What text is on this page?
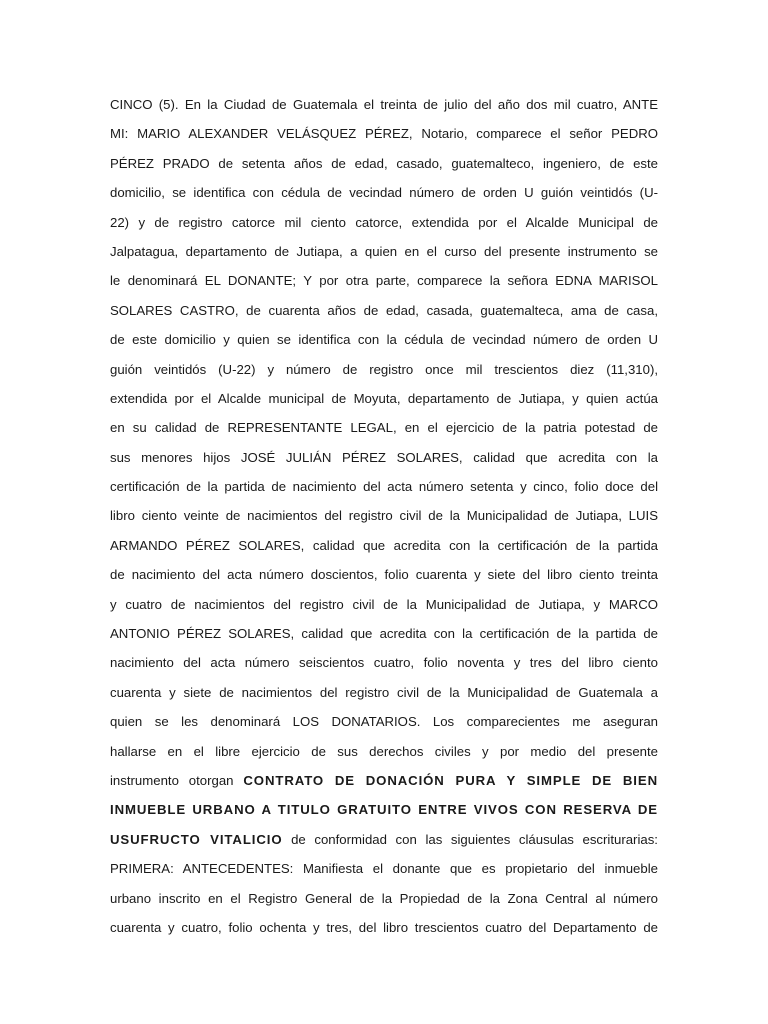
CINCO (5). En la Ciudad de Guatemala el treinta de julio del año dos mil cuatro, ANTE
MI: MARIO ALEXANDER VELÁSQUEZ PÉREZ, Notario, comparece el señor PEDRO
PÉREZ PRADO de setenta años de edad, casado, guatemalteco, ingeniero, de este
domicilio, se identifica con cédula de vecindad número de orden U guión veintidós (U-
22) y de registro catorce mil ciento catorce, extendida por el Alcalde Municipal de
Jalpatagua, departamento de Jutiapa, a quien en el curso del presente instrumento se
le denominará EL DONANTE; Y por otra parte, comparece la señora EDNA MARISOL
SOLARES CASTRO, de cuarenta años de edad, casada, guatemalteca, ama de casa,
de este domicilio y quien se identifica con la cédula de vecindad número de orden U
guión veintidós (U-22) y número de registro once mil trescientos diez (11,310),
extendida por el Alcalde municipal de Moyuta, departamento de Jutiapa, y quien actúa
en su calidad de REPRESENTANTE LEGAL, en el ejercicio de la patria potestad de
sus menores hijos JOSÉ JULIÁN PÉREZ SOLARES, calidad que acredita con la
certificación de la partida de nacimiento del acta número setenta y cinco, folio doce del
libro ciento veinte de nacimientos del registro civil de la Municipalidad de Jutiapa, LUIS
ARMANDO PÉREZ SOLARES, calidad que acredita con la certificación de la partida
de nacimiento del acta número doscientos, folio cuarenta y siete del libro ciento treinta
y cuatro de nacimientos del registro civil de la Municipalidad de Jutiapa, y MARCO
ANTONIO PÉREZ SOLARES, calidad que acredita con la certificación de la partida de
nacimiento del acta número seiscientos cuatro, folio noventa y tres del libro ciento
cuarenta y siete de nacimientos del registro civil de la Municipalidad de Guatemala a
quien se les denominará LOS DONATARIOS. Los comparecientes me aseguran
hallarse en el libre ejercicio de sus derechos civiles y por medio del presente
instrumento otorgan CONTRATO DE DONACIÓN PURA Y SIMPLE DE BIEN
INMUEBLE URBANO A TITULO GRATUITO ENTRE VIVOS CON RESERVA DE
USUFRUCTO VITALICIO de conformidad con las siguientes cláusulas escriturarias:
PRIMERA: ANTECEDENTES: Manifiesta el donante que es propietario del inmueble
urbano inscrito en el Registro General de la Propiedad de la Zona Central al número
cuarenta y cuatro, folio ochenta y tres, del libro trescientos cuatro del Departamento de
